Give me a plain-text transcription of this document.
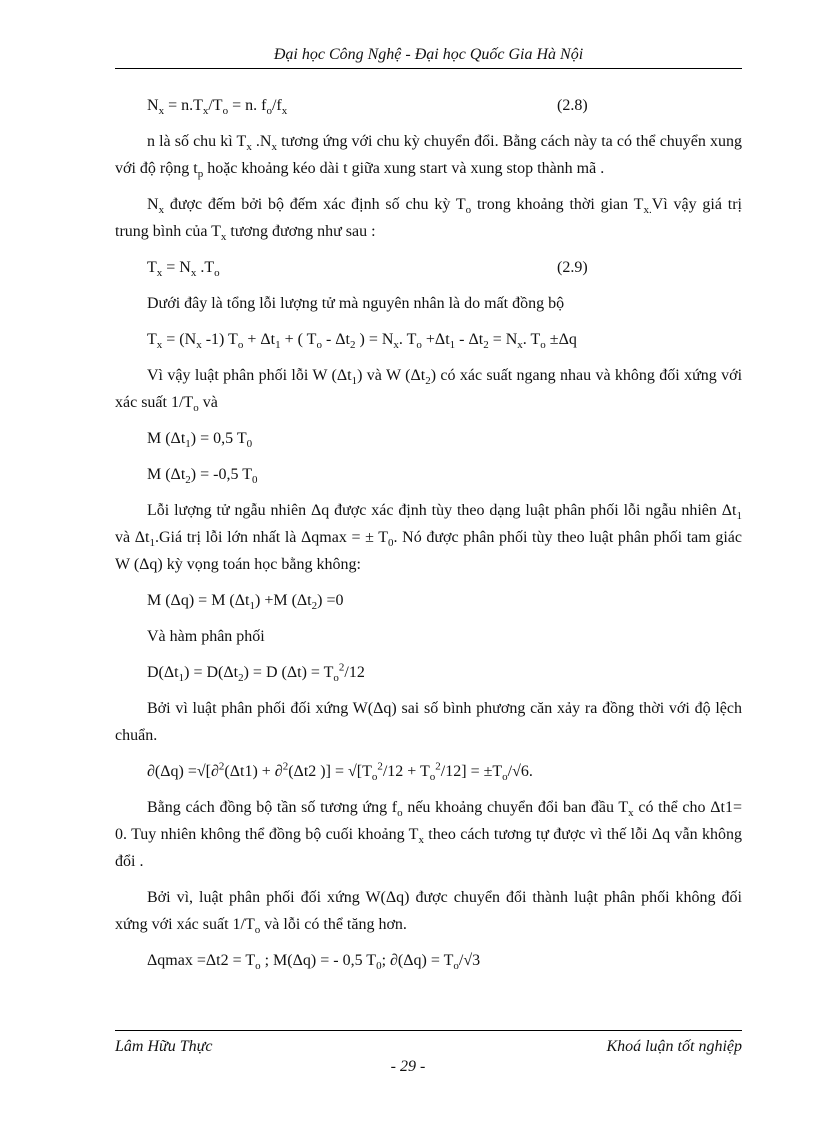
Đại học Công Nghệ - Đại học Quốc Gia Hà Nội

$N_x = n.T_x/T_o = n$. $f_o/f_x$	(2.8)

n là số chu kì $T_x$ $.N_x$ tương ứng với chu kỳ chuyển đổi. Bằng cách này ta có thể chuyển xung với độ rộng $t_p$ hoặc khoảng kéo dài t giữa xung start và xung stop thành mã .

$N_x$ được đếm bởi bộ đếm xác định số chu kỳ $T_o$ trong khoảng thời gian $T_{x.}Vì$ vậy giá trị trung bình của $T_x$ tương đương như sau :

$T_x = N_x$ $.T_o$	(2.9)

Dưới đây là tổng lỗi lượng tử mà nguyên nhân là do mất đồng bộ

$T_x = (N_x$ -1) $T_o + \Delta t_1$ + ( $T_o - \Delta t_2$ ) = $N_x$. $T_o +\Delta t_1 - \Delta t_2 = N_x$. $T_o \pm\Delta q$

Vì vậy luật phân phối lỗi W $(\Delta t_1)$ và W $(\Delta t_2)$ có xác suất ngang nhau và không đối xứng với xác suất $1/T_o$ và

M $(\Delta t_1) = 0,5$ $T_0$

M $(\Delta t_2) = -0,5$ $T_0$

Lỗi lượng tử ngẫu nhiên Δq được xác định tùy theo dạng luật phân phối lỗi ngẫu nhiên $\Delta t_1$ và $\Delta t_1.Giá$ trị lỗi lớn nhất là Δqmax = ± $T_0$. Nó được phân phối tùy theo luật phân phối tam giác W (Δq) kỳ vọng toán học bằng không:

M (Δq) = M $(\Delta t_1) +M$ $(\Delta t_2) =0$

Và hàm phân phối

$D(\Delta t_1) = D(\Delta t_2) = D$ $(\Delta t) = T_o^2/12$

Bởi vì luật phân phối đối xứng W(Δq) sai số bình phương căn xảy ra đồng thời với độ lệch chuẩn.

∂(Δq) =√[∂$^2$(Δt1) + ∂$^2$(Δt2 )] = $√[T_o^2/12 + T_o^2/12] = \pm T_o/√6$.

Bằng cách đồng bộ tần số tương ứng $f_o$ nếu khoảng chuyển đổi ban đầu $T_x$ có thể cho Δt1= 0. Tuy nhiên không thể đồng bộ cuối khoảng $T_x$ theo cách tương tự được vì thế lỗi Δq vẫn không đổi .

Bởi vì, luật phân phối đối xứng W(Δq) được chuyển đổi thành luật phân phối không đối xứng với xác suất $1/T_o$ và lỗi có thể tăng hơn.

$\Delta qmax =\Delta t2 = T_o$ ; M(Δq) = - 0,5 $T_0$; $\partial(\Delta q) = T_o/√3$

Lâm Hữu Thực	Khoá luận tốt nghiệp
- 29 -
